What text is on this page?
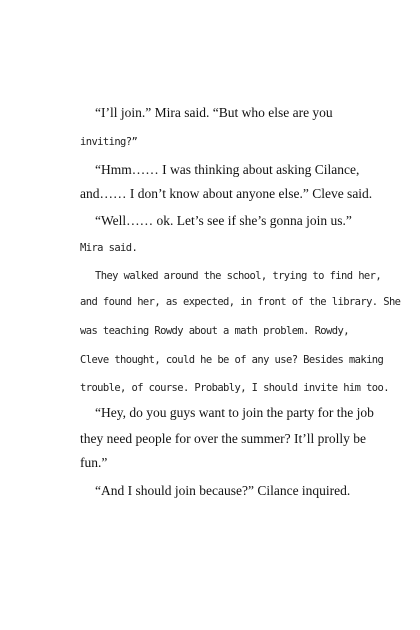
“I’ll join.” Mira said. “But who else are you
inviting?”
“Hmm…… I was thinking about asking Cilance,
and…… I don’t know about anyone else.” Cleve said.
“Well…… ok. Let’s see if she’s gonna join us.”
Mira said.
They walked around the school, trying to find her,
and found her, as expected, in front of the library. She
was teaching Rowdy about a math problem. Rowdy,
Cleve thought, could he be of any use? Besides making
trouble, of course. Probably, I should invite him too.
“Hey, do you guys want to join the party for the job
they need people for over the summer? It’ll prolly be
fun.”
“And I should join because?” Cilance inquired.
